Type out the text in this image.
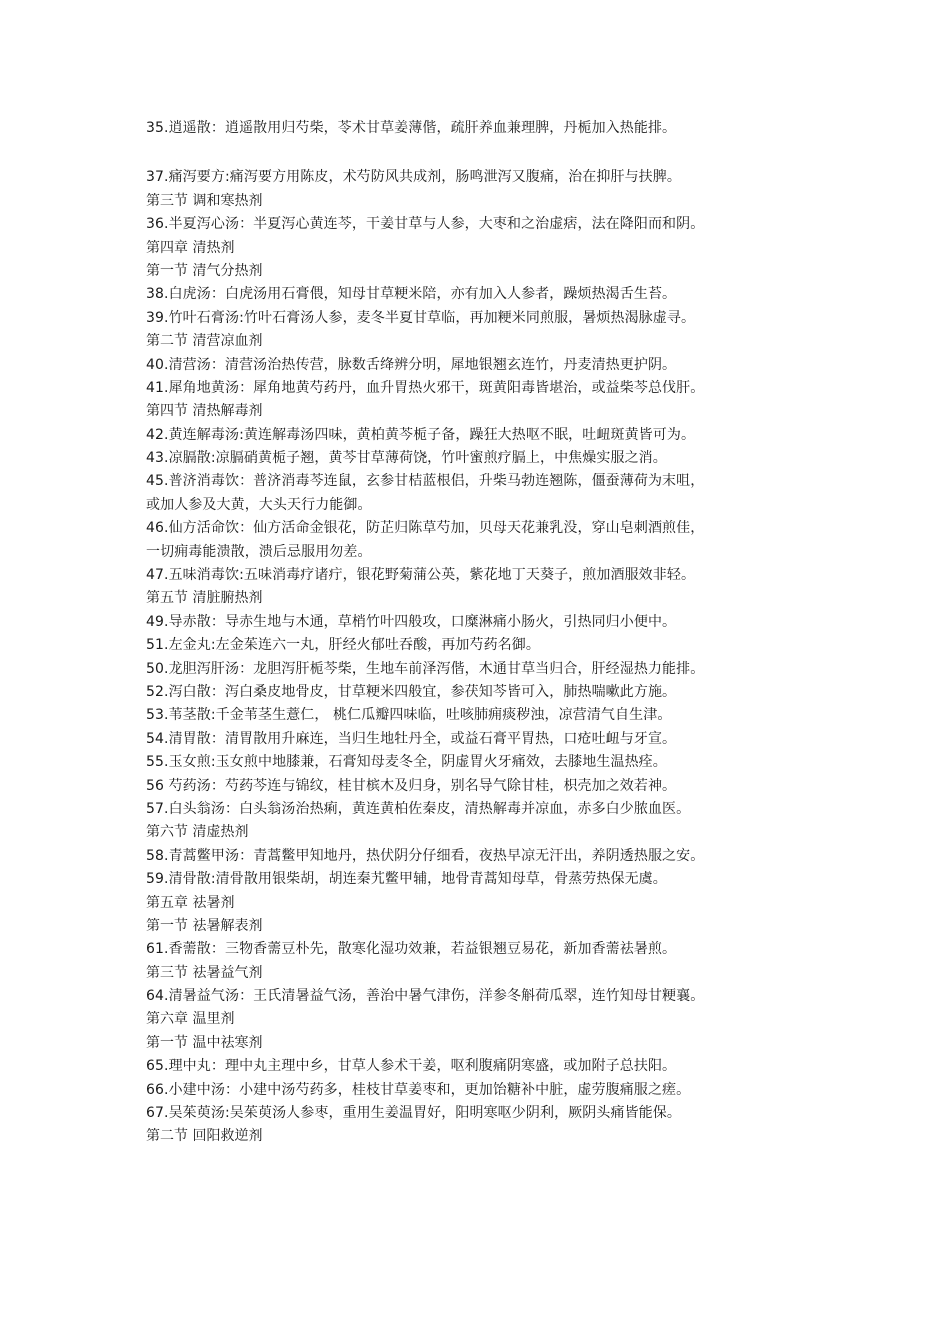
35.逍遥散：逍遥散用归芍柴，苓术甘草姜薄偕，疏肝养血兼理脾，丹栀加入热能排。
37.痛泻要方:痛泻要方用陈皮，术芍防风共成剂，肠鸣泄泻又腹痛，治在抑肝与扶脾。
第三节 调和寒热剂
36.半夏泻心汤：半夏泻心黄连芩，干姜甘草与人参，大枣和之治虚痞，法在降阳而和阴。
第四章 清热剂
第一节 清气分热剂
38.白虎汤：白虎汤用石膏偎，知母甘草粳米陪，亦有加入人参者，躁烦热渴舌生苔。
39.竹叶石膏汤:竹叶石膏汤人参，麦冬半夏甘草临，再加粳米同煎服，暑烦热渴脉虚寻。
第二节 清营凉血剂
40.清营汤：清营汤治热传营，脉数舌绛辨分明，犀地银翘玄连竹，丹麦清热更护阴。
41.犀角地黄汤：犀角地黄芍药丹，血升胃热火邪干，斑黄阳毒皆堪治，或益柴芩总伐肝。
第四节 清热解毒剂
42.黄连解毒汤:黄连解毒汤四味，黄柏黄芩栀子备，躁狂大热呕不眠，吐衄斑黄皆可为。
43.凉膈散:凉膈硝黄栀子翘，黄芩甘草薄荷饶，竹叶蜜煎疗膈上，中焦燥实服之消。
45.普济消毒饮：普济消毒芩连鼠，玄参甘桔蓝根侣，升柴马勃连翘陈，僵蚕薄荷为末咀，
或加人参及大黄，大头天行力能御。
46.仙方活命饮：仙方活命金银花，防芷归陈草芍加，贝母天花兼乳没，穿山皂刺酒煎佳，
一切痈毒能溃散，溃后忌服用勿差。
47.五味消毒饮:五味消毒疗诸疔，银花野菊蒲公英，紫花地丁天葵子，煎加酒服效非轻。
第五节 清脏腑热剂
49.导赤散：导赤生地与木通，草梢竹叶四般攻，口糜淋痛小肠火，引热同归小便中。
51.左金丸:左金茱连六一丸，肝经火郁吐吞酸，再加芍药名御。
50.龙胆泻肝汤：龙胆泻肝栀芩柴，生地车前泽泻偕，木通甘草当归合，肝经湿热力能排。
52.泻白散：泻白桑皮地骨皮，甘草粳米四般宜，参茯知芩皆可入，肺热喘嗽此方施。
53.苇茎散:千金苇茎生薏仁， 桃仁瓜瓣四味临，吐咳肺痈痰秽浊，凉营清气自生津。
54.清胃散：清胃散用升麻连，当归生地牡丹全，或益石膏平胃热，口疮吐衄与牙宣。
55.玉女煎:玉女煎中地膝兼，石膏知母麦冬全，阴虚胃火牙痛效，去膝地生温热痊。
56 芍药汤：芍药芩连与锦纹，桂甘槟木及归身，别名导气除甘桂，枳壳加之效若神。
57.白头翁汤：白头翁汤治热痢，黄连黄柏佐秦皮，清热解毒并凉血，赤多白少脓血医。
第六节 清虚热剂
58.青蒿鳖甲汤：青蒿鳖甲知地丹，热伏阴分仔细看，夜热早凉无汗出，养阴透热服之安。
59.清骨散:清骨散用银柴胡，胡连秦艽鳖甲辅，地骨青蒿知母草，骨蒸劳热保无虞。
第五章 祛暑剂
第一节 祛暑解表剂
61.香薷散：三物香薷豆朴先，散寒化湿功效兼，若益银翘豆易花，新加香薷祛暑煎。
第三节 祛暑益气剂
64.清暑益气汤：王氏清暑益气汤，善治中暑气津伤，洋参冬斛荷瓜翠，连竹知母甘粳襄。
第六章 温里剂
第一节 温中祛寒剂
65.理中丸：理中丸主理中乡，甘草人参术干姜，呕利腹痛阴寒盛，或加附子总扶阳。
66.小建中汤：小建中汤芍药多，桂枝甘草姜枣和，更加饴糖补中脏，虚劳腹痛服之瘥。
67.吴茱萸汤:吴茱萸汤人参枣，重用生姜温胃好，阳明寒呕少阴利，厥阴头痛皆能保。
第二节 回阳救逆剂
